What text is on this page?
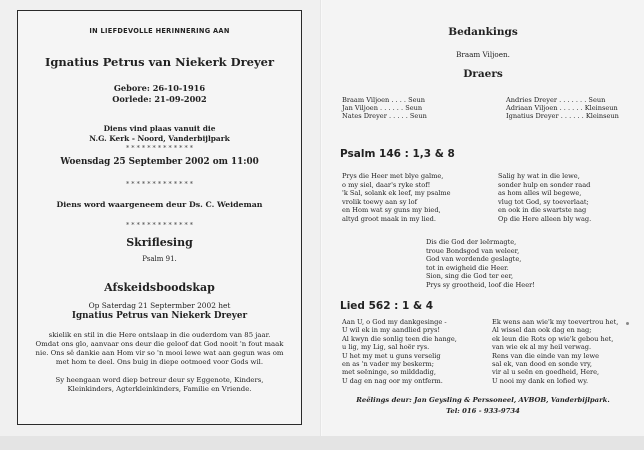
IN LIEFDEVOLLE HERINNERING AAN
Ignatius Petrus van Niekerk Dreyer
Gebore: 26-10-1916
Oorlede: 21-09-2002
Diens vind plaas vanuit die
N.G. Kerk - Noord, Vanderbijlpark
* * * * * * * * * * * * *
Woensdag 25 September 2002 om 11:00
* * * * * * * * * * * * *
Diens word waargeneem deur Ds. C. Weideman
* * * * * * * * * * * * *
Skriflesing
Psalm 91.
Afskeidsboodskap
Op Saterdag 21 Septermber 2002 het
Ignatius Petrus van Niekerk Dreyer
skielik en stil in die Here ontslaap in die ouderdom van 85 jaar.
Omdat ons glo, aanvaar ons deur die geloof dat God nooit 'n fout maak
nie. Ons sê dankie aan Hom vir so 'n mooi lewe wat aan gegun was om
met hom te deel. Ons buig in diepe ootmoed voor Gods wil.
Sy heengaan word diep betreur deur sy Eggenote, Kinders,
Kleinkinders, Agterkleinkinders, Familie en Vriende.
Bedankings
Braam Viljoen.
Draers
Braam Viljoen . . . . Seun
Jan Viljoen . . . . . . Seun
Nates Dreyer . . . . . Seun
Andries Dreyer . . . . . . . Seun
Adriaan Viljoen . . . . . . Kleinseun
Ignatius Dreyer . . . . . . Kleinseun
Psalm 146 : 1,3 & 8
Prys die Heer met blye galme,
o my siel, daar's ryke stof!
'k Sal, solank ek leef, my psalme
vrolik toewy aan sy lof
en Hom wat sy guns my bied,
altyd groot maak in my lied.
Salig hy wat in die lewe,
sonder hulp en sonder raad
as hom alles wil begewe,
vlug tot God, sy toeverlaat;
en ook in die swartste nag
Op die Here alleen bly wag.
Dis die God der leërmagte,
troue Bondsgod van weleer,
God van wordende geslagte,
tot in ewigheid die Heer.
Sion, sing die God ter eer,
Prys sy grootheid, loof die Heer!
Lied 562 : 1 & 4
Aan U, o God my dankgesinge -
U wil ek in my aandlied prys!
Al kwyn die sonlig teen die hange,
u lig, my Lig, sal hoër rys.
U het my met u guns verselig
en as 'n vader my beskerm;
met seëninge, so milddadig,
U dag en nag oor my ontferm.
Ek wens aan wie'k my toevertrou het,
Al wissel dan ook dag en nag;
ek leun die Rots op wie'k gebou het,
van wie ek al my heil verwag.
Rens van die einde van my lewe
sal ek, van dood en sonde vry,
vir al u seën en goedheid, Here,
U nooi my dank en lofied wy.
Reëlings deur: Jan Geysling & Perssoneel, AVBOB, Vanderbijlpark.
Tel: 016 - 933-9734
